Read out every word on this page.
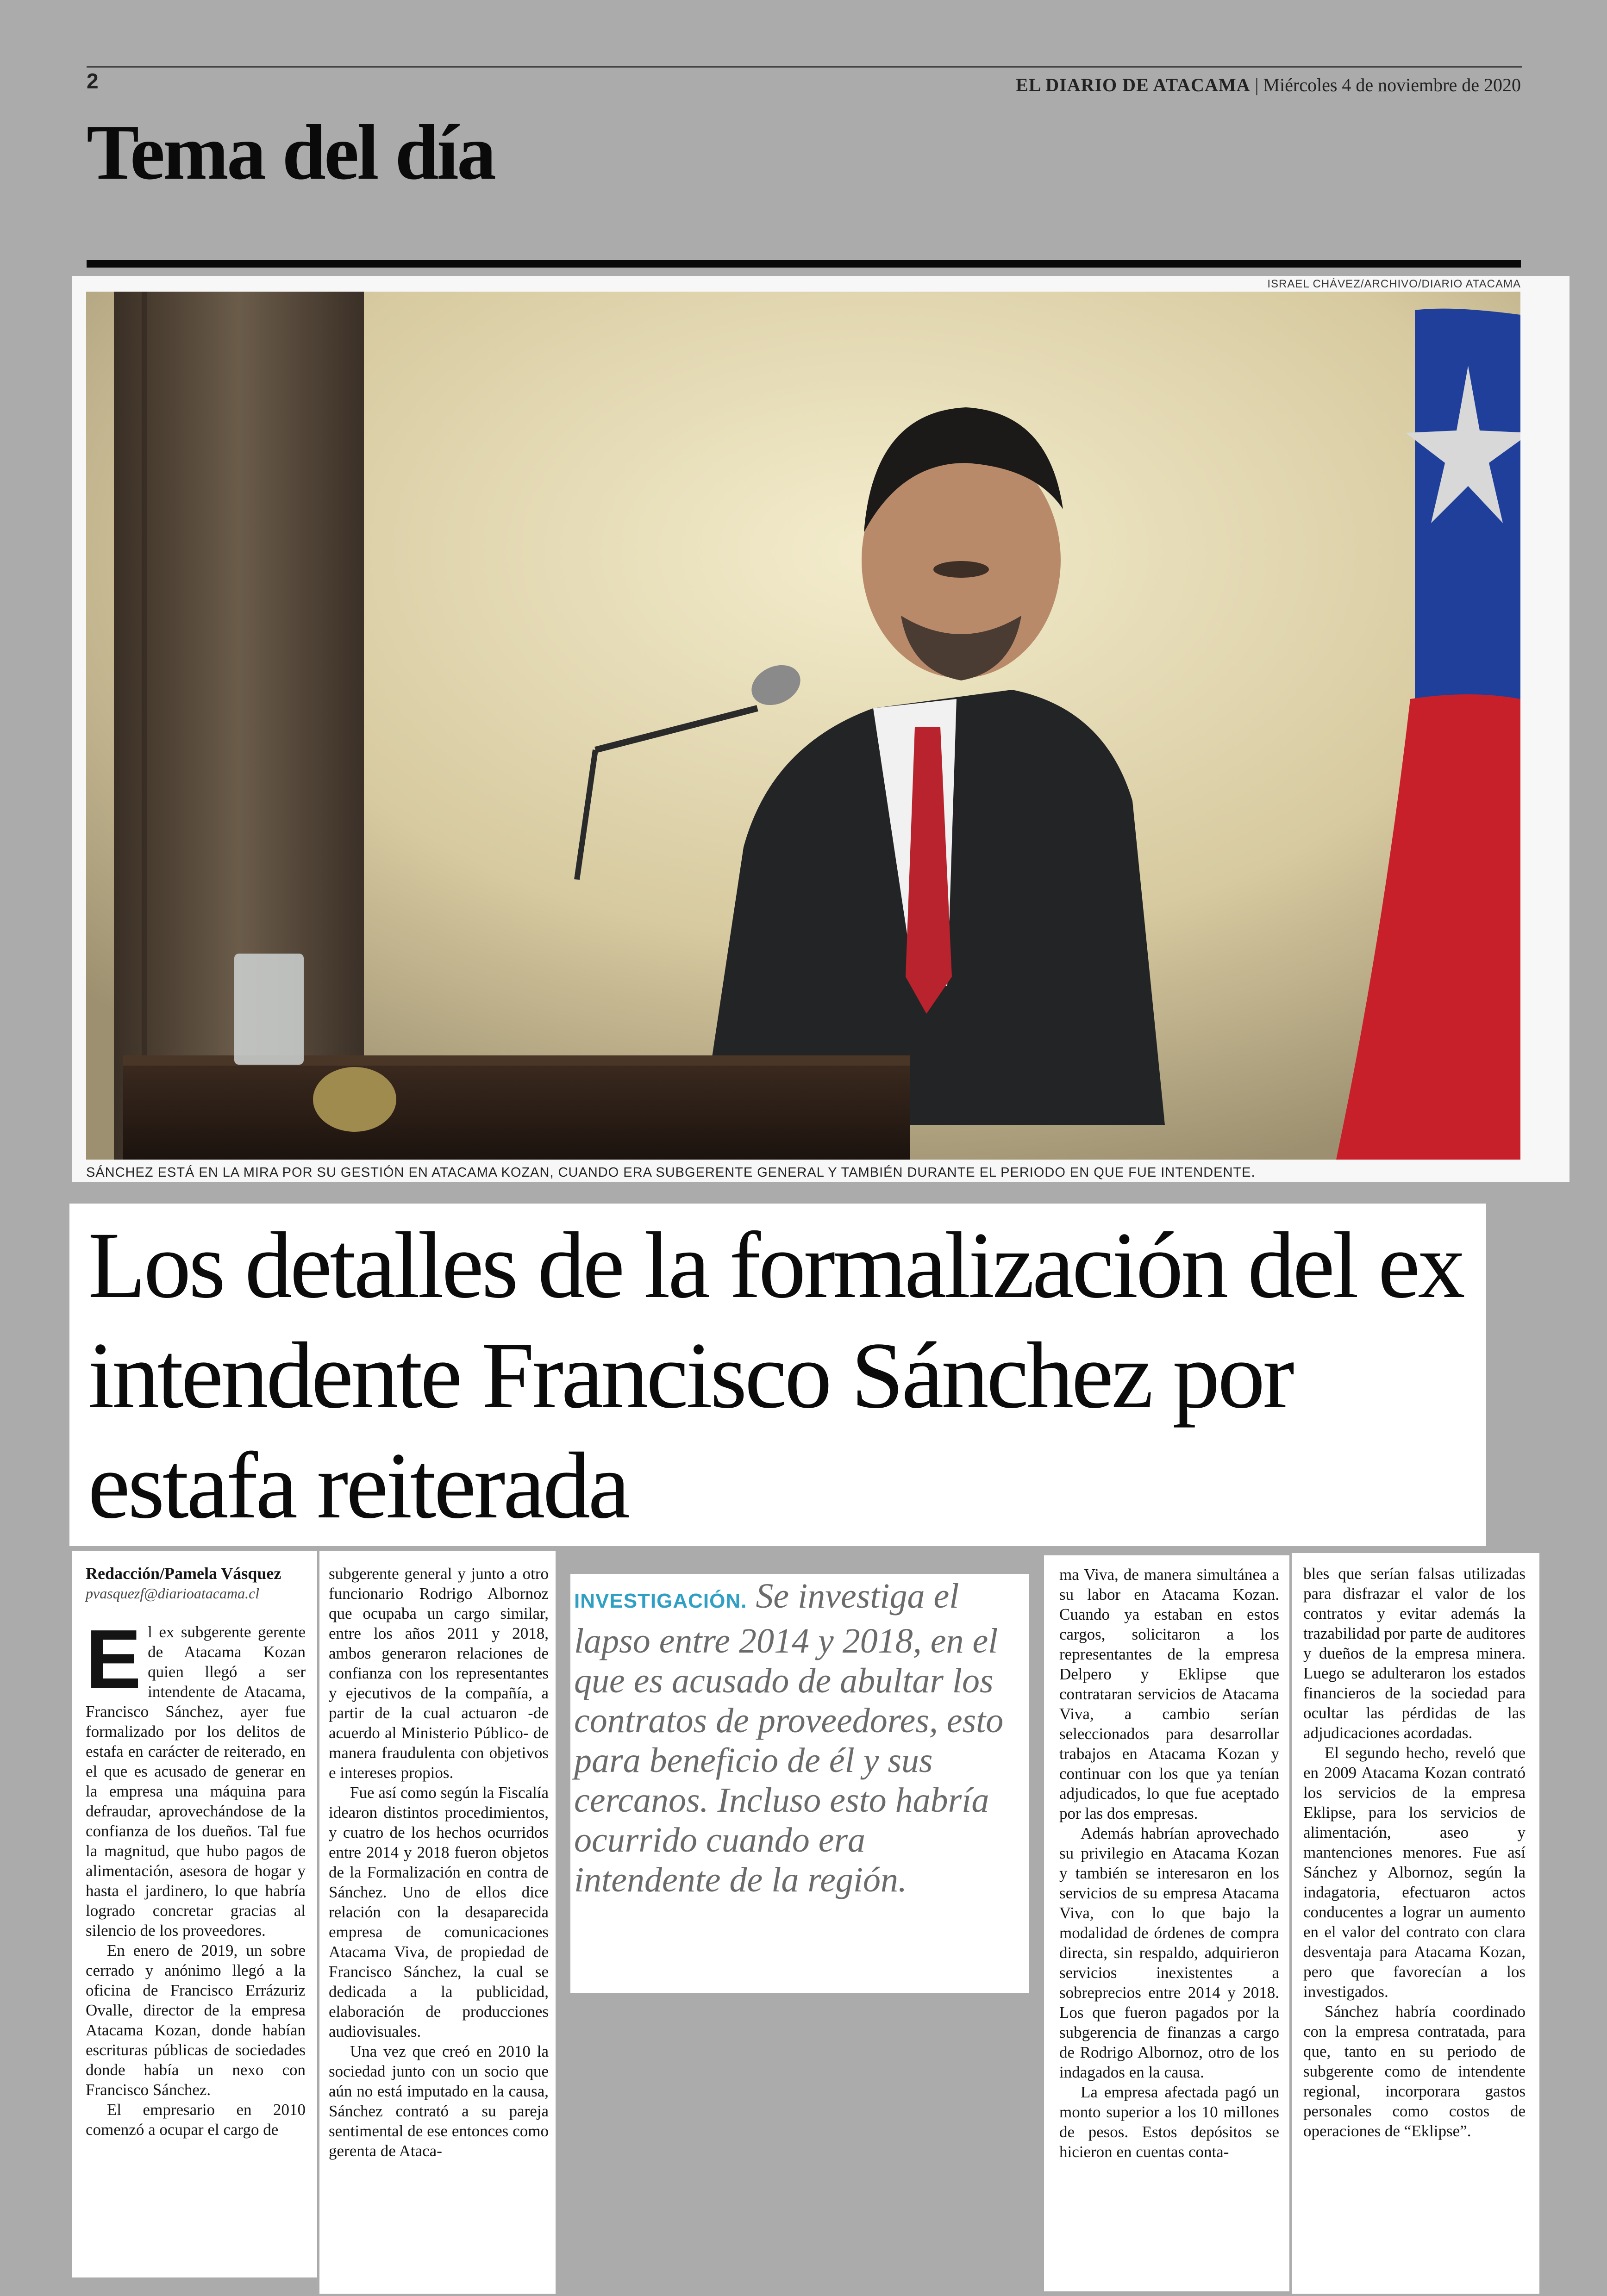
2	EL DIARIO DE ATACAMA | Miércoles 4 de noviembre de 2020
Tema del día
ISRAEL CHÁVEZ/ARCHIVO/DIARIO ATACAMA
SÁNCHEZ ESTÁ EN LA MIRA POR SU GESTIÓN EN ATACAMA KOZAN, CUANDO ERA SUBGERENTE GENERAL Y TAMBIÉN DURANTE EL PERIODO EN QUE FUE INTENDENTE.
Los detalles de la formalización del ex intendente Francisco Sánchez por estafa reiterada
Redacción/Pamela Vásquez
pvasquezf@diarioatacama.cl
E l ex subgerente gerente de Atacama Kozan quien llegó a ser intendente de Atacama, Francisco Sánchez, ayer fue formalizado por los delitos de estafa en carácter de reiterado, en el que es acusado de generar en la empresa una máquina para defraudar, aprovechándose de la confianza de los dueños. Tal fue la magnitud, que hubo pagos de alimentación, asesora de hogar y hasta el jardinero, lo que habría logrado concretar gracias al silencio de los proveedores.

En enero de 2019, un sobre cerrado y anónimo llegó a la oficina de Francisco Errázuriz Ovalle, director de la empresa Atacama Kozan, donde habían escrituras públicas de sociedades donde había un nexo con Francisco Sánchez.

El empresario en 2010 comenzó a ocupar el cargo de

subgerente general y junto a otro funcionario Rodrigo Albornoz que ocupaba un cargo similar, entre los años 2011 y 2018, ambos generaron relaciones de confianza con los representantes y ejecutivos de la compañía, a partir de la cual actuaron -de acuerdo al Ministerio Público- de manera fraudulenta con objetivos e intereses propios.

Fue así como según la Fiscalía idearon distintos procedimientos, y cuatro de los hechos ocurridos entre 2014 y 2018 fueron objetos de la Formalización en contra de Sánchez. Uno de ellos dice relación con la desaparecida empresa de comunicaciones Atacama Viva, de propiedad de Francisco Sánchez, la cual se dedicada a la publicidad, elaboración de producciones audiovisuales.

Una vez que creó en 2010 la sociedad junto con un socio que aún no está imputado en la causa, Sánchez contrató a su pareja sentimental de ese entonces como gerenta de Ataca-

INVESTIGACIÓN. Se investiga el lapso entre 2014 y 2018, en el que es acusado de abultar los contratos de proveedores, esto para beneficio de él y sus cercanos. Incluso esto habría ocurrido cuando era intendente de la región.

ma Viva, de manera simultánea a su labor en Atacama Kozan. Cuando ya estaban en estos cargos, solicitaron a los representantes de la empresa Delpero y Eklipse que contrataran servicios de Atacama Viva, a cambio serían seleccionados para desarrollar trabajos en Atacama Kozan y continuar con los que ya tenían adjudicados, lo que fue aceptado por las dos empresas.

Además habrían aprovechado su privilegio en Atacama Kozan y también se interesaron en los servicios de su empresa Atacama Viva, con lo que bajo la modalidad de órdenes de compra directa, sin respaldo, adquirieron servicios inexistentes a sobreprecios entre 2014 y 2018. Los que fueron pagados por la subgerencia de finanzas a cargo de Rodrigo Albornoz, otro de los indagados en la causa.

La empresa afectada pagó un monto superior a los 10 millones de pesos. Estos depósitos se hicieron en cuentas conta-

bles que serían falsas utilizadas para disfrazar el valor de los contratos y evitar además la trazabilidad por parte de auditores y dueños de la empresa minera. Luego se adulteraron los estados financieros de la sociedad para ocultar las pérdidas de las adjudicaciones acordadas.

El segundo hecho, reveló que en 2009 Atacama Kozan contrató los servicios de la empresa Eklipse, para los servicios de alimentación, aseo y mantenciones menores. Fue así Sánchez y Albornoz, según la indagatoria, efectuaron actos conducentes a lograr un aumento en el valor del contrato con clara desventaja para Atacama Kozan, pero que favorecían a los investigados.

Sánchez habría coordinado con la empresa contratada, para que, tanto en su periodo de subgerente como de intendente regional, incorporara gastos personales como costos de operaciones de “Eklipse”.
